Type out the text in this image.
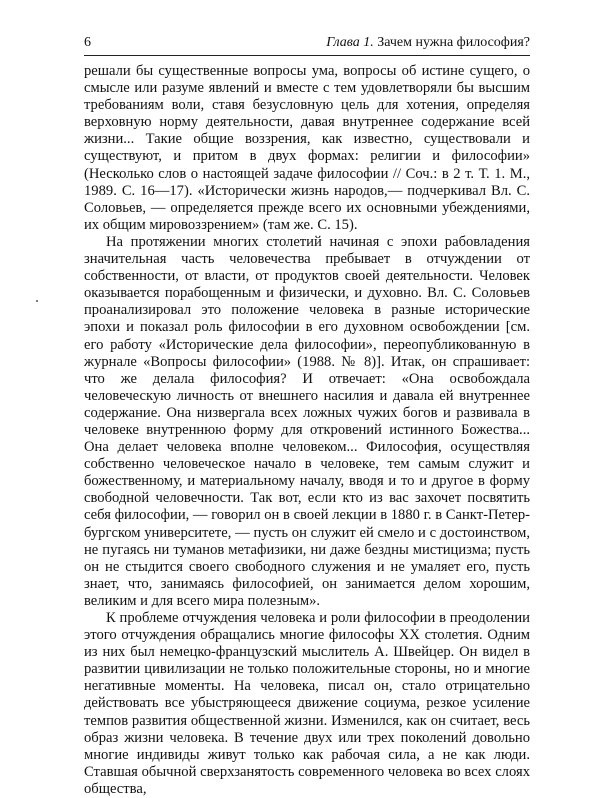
6	Глава 1. Зачем нужна философия?

решали бы существенные вопросы ума, вопросы об истине сущего, о смысле или разуме явлений и вместе с тем удовлетворяли бы высшим требованиям воли, ставя безусловную цель для хотения, определяя верховную норму деятельности, давая внутреннее содержание всей жизни... Такие общие воззрения, как известно, существовали и существуют, и притом в двух формах: религии и философии» (Несколько слов о настоящей задаче философии // Соч.: в 2 т. Т. 1. М., 1989. С. 16—17). «Исторически жизнь народов,— подчеркивал Вл. С. Соловьев, — определяется прежде всего их основными убеждениями, их общим мировоззрением» (там же. С. 15).

На протяжении многих столетий начиная с эпохи рабовладения значительная часть человечества пребывает в отчуждении от собственности, от власти, от продуктов своей деятельности. Человек оказывается порабощенным и физически, и духовно. Вл. С. Соловьев проанализировал это положение человека в разные исторические эпохи и показал роль философии в его духовном освобождении [см. его работу «Исторические дела философии», переопубликованную в журнале «Вопросы философии» (1988. № 8)]. Итак, он спрашивает: что же делала философия? И отвечает: «Она освобождала человеческую личность от внешнего насилия и давала ей внутреннее содержание. Она низвергала всех ложных чужих богов и развивала в человеке внутреннюю форму для откровений истинного Божества... Она делает человека вполне человеком... Философия, осуществляя собственно человеческое начало в человеке, тем самым служит и божественному, и материальному началу, вводя и то и другое в форму свободной человечности. Так вот, если кто из вас захочет посвятить себя философии, — говорил он в своей лекции в 1880 г. в Санкт-Петербургском университете, — пусть он служит ей смело и с достоинством, не пугаясь ни туманов метафизики, ни даже бездны мистицизма; пусть он не стыдится своего свободного служения и не умаляет его, пусть знает, что, занимаясь философией, он занимается делом хорошим, великим и для всего мира полезным».

К проблеме отчуждения человека и роли философии в преодолении этого отчуждения обращались многие философы XX столетия. Одним из них был немецко-французский мыслитель А. Швейцер. Он видел в развитии цивилизации не только положительные стороны, но и многие негативные моменты. На человека, писал он, стало отрицательно действовать все убыстряющееся движение социума, резкое усиление темпов развития общественной жизни. Изменился, как он считает, весь образ жизни человека. В течение двух или трех поколений довольно многие индивиды живут только как рабочая сила, а не как люди. Ставшая обычной сверхзанятость современного человека во всех слоях общества,
